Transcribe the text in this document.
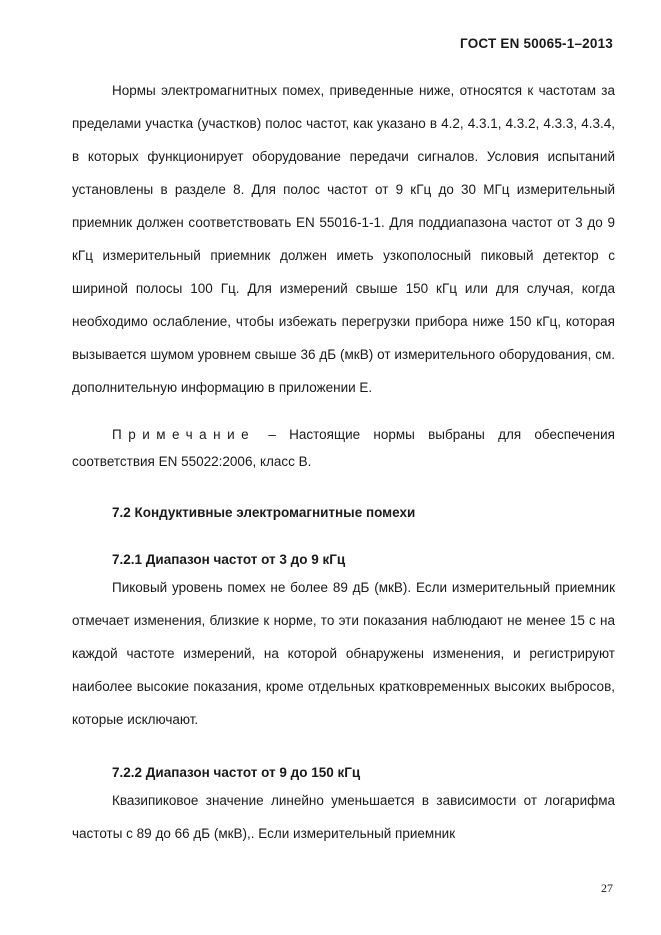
ГОСТ EN 50065-1–2013

Нормы электромагнитных помех, приведенные ниже, относятся к частотам за пределами участка (участков) полос частот, как указано в 4.2, 4.3.1, 4.3.2, 4.3.3, 4.3.4, в которых функционирует оборудование передачи сигналов. Условия испытаний установлены в разделе 8. Для полос частот от 9 кГц до 30 МГц измерительный приемник должен соответствовать EN 55016-1-1. Для поддиапазона частот от 3 до 9 кГц измерительный приемник должен иметь узкополосный пиковый детектор с шириной полосы 100 Гц. Для измерений свыше 150 кГц или для случая, когда необходимо ослабление, чтобы избежать перегрузки прибора ниже 150 кГц, которая вызывается шумом уровнем свыше 36 дБ (мкВ) от измерительного оборудования, см. дополнительную информацию в приложении Е.

Примечание – Настоящие нормы выбраны для обеспечения соответствия EN 55022:2006, класс В.

7.2 Кондуктивные электромагнитные помехи

7.2.1 Диапазон частот от 3 до 9 кГц

Пиковый уровень помех не более 89 дБ (мкВ). Если измерительный приемник отмечает изменения, близкие к норме, то эти показания наблюдают не менее 15 с на каждой частоте измерений, на которой обнаружены изменения, и регистрируют наиболее высокие показания, кроме отдельных кратковременных высоких выбросов, которые исключают.

7.2.2 Диапазон частот от 9 до 150 кГц

Квазипиковое значение линейно уменьшается в зависимости от логарифма частоты с 89 до 66 дБ (мкВ),. Если измерительный приемник

27
